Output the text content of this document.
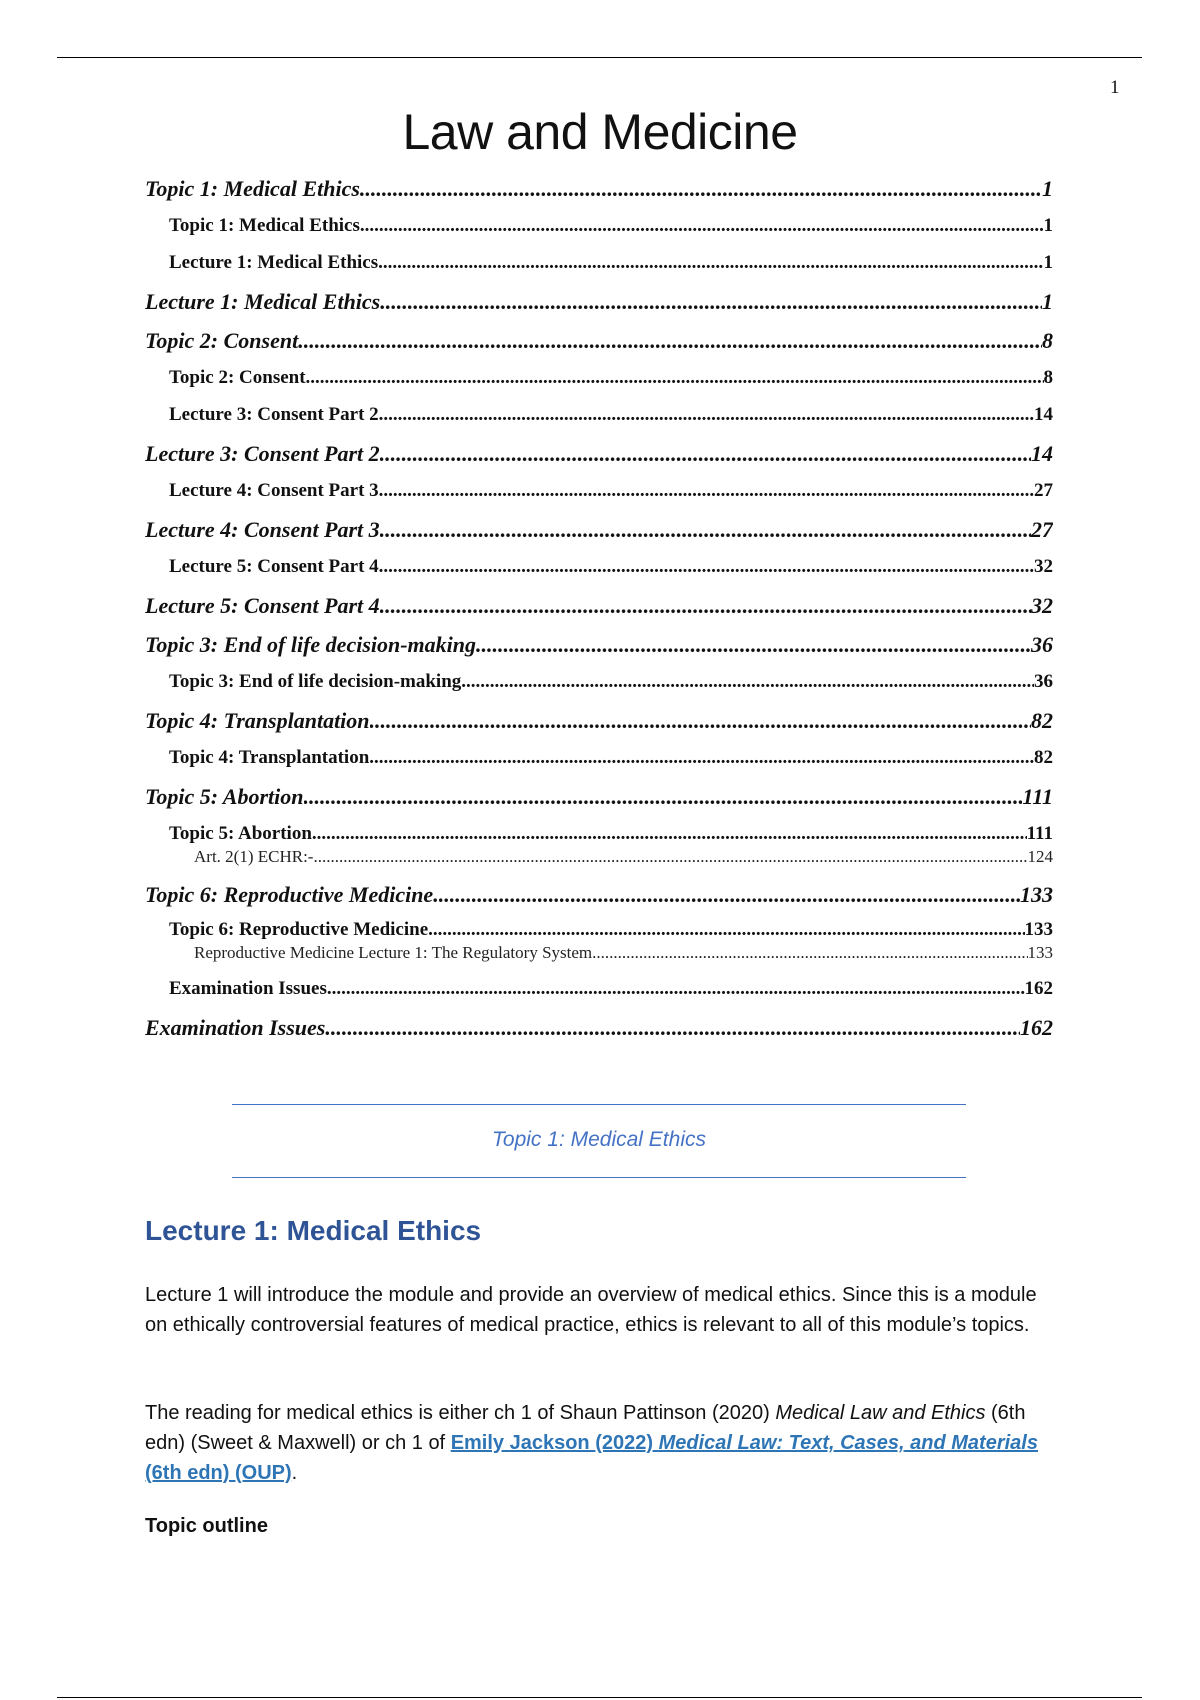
1
Law and Medicine
Topic 1: Medical Ethics .....	1
Topic 1: Medical Ethics .....	1
Lecture 1: Medical Ethics .....	1
Lecture 1: Medical Ethics .....	1
Topic 2: Consent .....	8
Topic 2: Consent .....	8
Lecture 3: Consent Part 2 .....	14
Lecture 3: Consent Part 2 .....	14
Lecture 4: Consent Part 3 .....	27
Lecture 4: Consent Part 3 .....	27
Lecture 5: Consent Part 4 .....	32
Lecture 5: Consent Part 4 .....	32
Topic 3: End of life decision-making .....	36
Topic 3: End of life decision-making .....	36
Topic 4: Transplantation .....	82
Topic 4: Transplantation .....	82
Topic 5: Abortion .....	111
Topic 5: Abortion .....	111
Art. 2(1) ECHR:- .....	124
Topic 6: Reproductive Medicine .....	133
Topic 6: Reproductive Medicine .....	133
Reproductive Medicine Lecture 1: The Regulatory System .....	133
Examination Issues .....	162
Examination Issues .....	162
Topic 1: Medical Ethics
Lecture 1: Medical Ethics
Lecture 1 will introduce the module and provide an overview of medical ethics. Since this is a module on ethically controversial features of medical practice, ethics is relevant to all of this module’s topics.
The reading for medical ethics is either ch 1 of Shaun Pattinson (2020) Medical Law and Ethics (6th edn) (Sweet & Maxwell) or ch 1 of Emily Jackson (2022) Medical Law: Text, Cases, and Materials (6th edn) (OUP).
Topic outline
